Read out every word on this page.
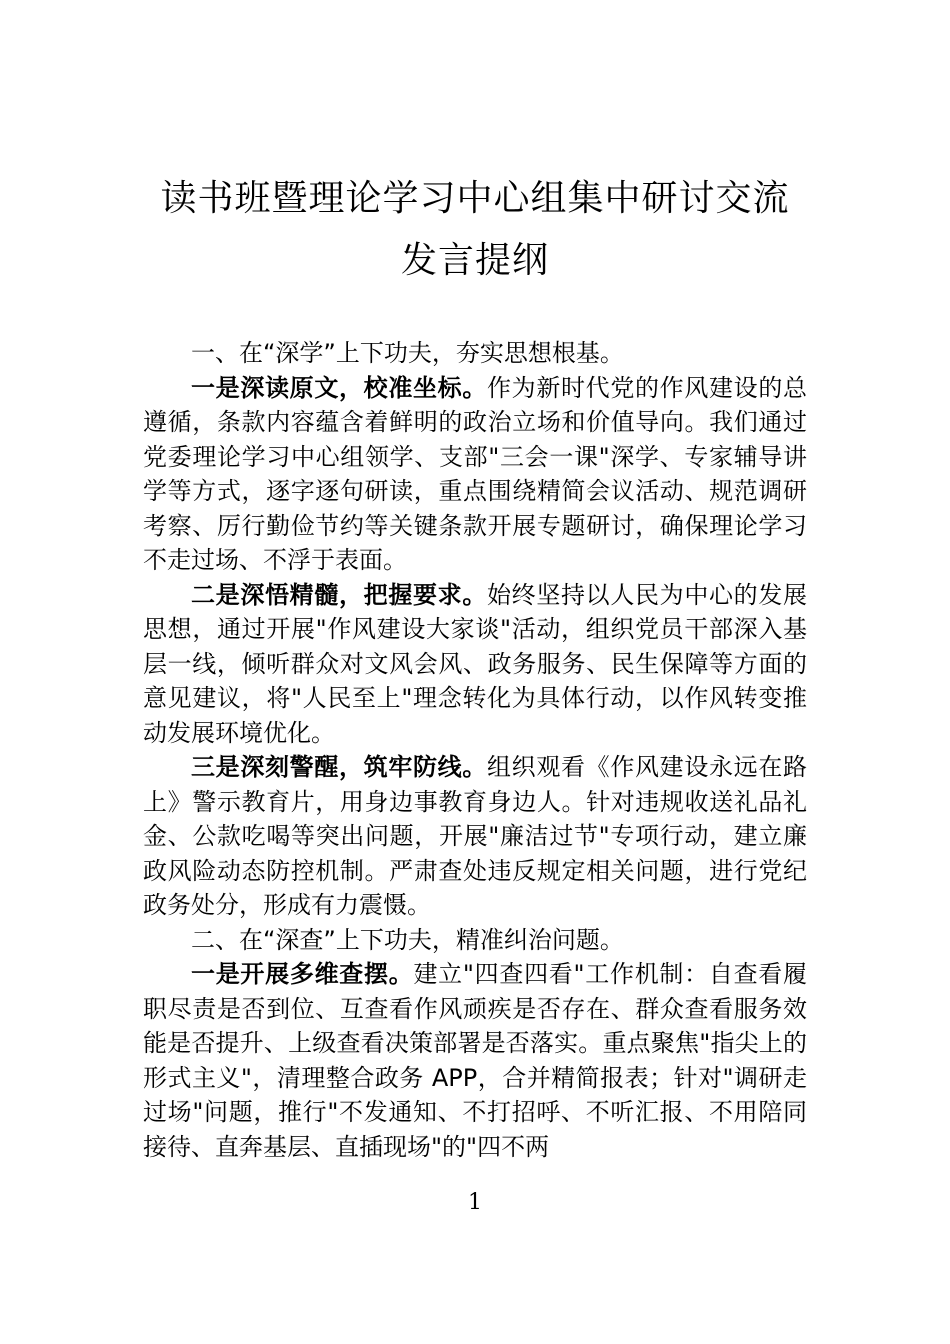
读书班暨理论学习中心组集中研讨交流发言提纲

一、在“深学”上下功夫，夯实思想根基。

一是深读原文，校准坐标。作为新时代党的作风建设的总遵循，条款内容蕴含着鲜明的政治立场和价值导向。我们通过党委理论学习中心组领学、支部"三会一课"深学、专家辅导讲学等方式，逐字逐句研读，重点围绕精简会议活动、规范调研考察、厉行勤俭节约等关键条款开展专题研讨，确保理论学习不走过场、不浮于表面。

二是深悟精髓，把握要求。始终坚持以人民为中心的发展思想，通过开展"作风建设大家谈"活动，组织党员干部深入基层一线，倾听群众对文风会风、政务服务、民生保障等方面的意见建议，将"人民至上"理念转化为具体行动，以作风转变推动发展环境优化。

三是深刻警醒，筑牢防线。组织观看《作风建设永远在路上》警示教育片，用身边事教育身边人。针对违规收送礼品礼金、公款吃喝等突出问题，开展"廉洁过节"专项行动，建立廉政风险动态防控机制。严肃查处违反规定相关问题，进行党纪政务处分，形成有力震慑。

二、在“深查”上下功夫，精准纠治问题。

一是开展多维查摆。建立"四查四看"工作机制：自查看履职尽责是否到位、互查看作风顽疾是否存在、群众查看服务效能是否提升、上级查看决策部署是否落实。重点聚焦"指尖上的形式主义"，清理整合政务 APP，合并精简报表；针对"调研走过场"问题，推行"不发通知、不打招呼、不听汇报、不用陪同接待、直奔基层、直插现场"的"四不两

1
